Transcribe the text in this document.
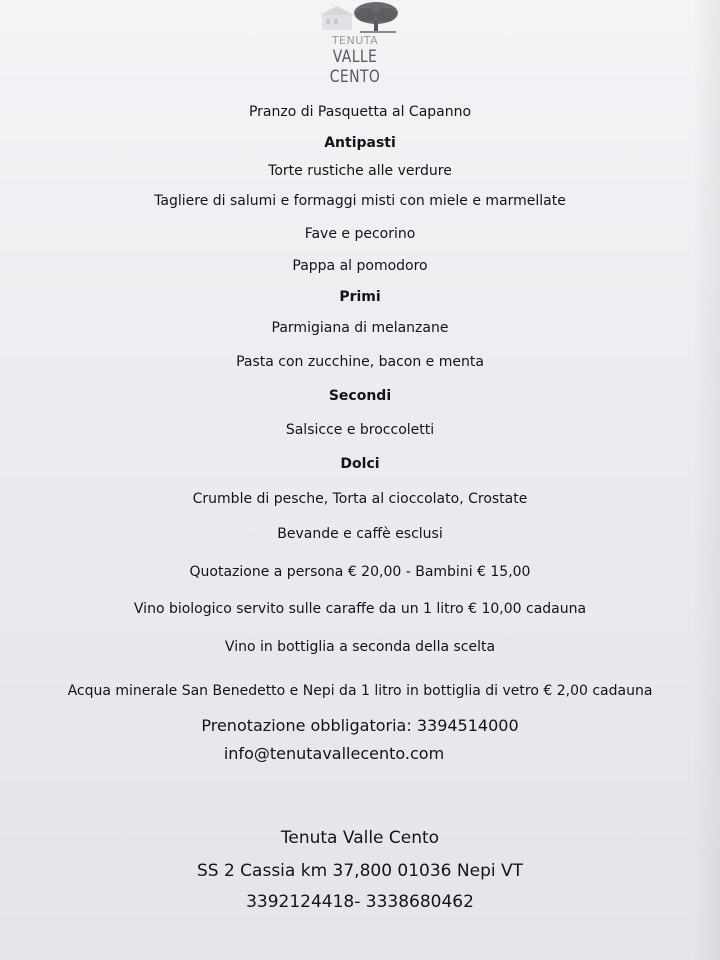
TENUTA
VALLE CENTO
Pranzo di Pasquetta al Capanno
Antipasti
Torte rustiche alle verdure
Tagliere di salumi e formaggi misti con miele e marmellate
Fave e pecorino
Pappa al pomodoro
Primi
Parmigiana di melanzane
Pasta con zucchine, bacon e menta
Secondi
Salsicce e broccoletti
Dolci
Crumble di pesche, Torta al cioccolato, Crostate
Bevande e caffè esclusi
Quotazione a persona € 20,00 - Bambini € 15,00
Vino biologico servito sulle caraffe da un 1 litro € 10,00 cadauna
Vino in bottiglia a seconda della scelta
Acqua minerale San Benedetto e Nepi da 1 litro in bottiglia di vetro € 2,00 cadauna
Prenotazione obbligatoria: 3394514000
info@tenutavallecento.com
Tenuta Valle Cento
SS 2 Cassia km 37,800 01036 Nepi VT
3392124418- 3338680462
